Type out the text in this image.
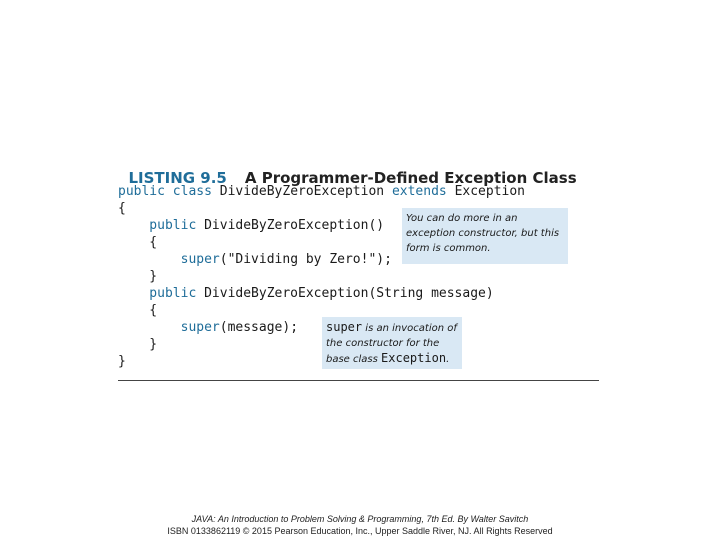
LISTING 9.5 A Programmer-Defined Exception Class

public class DivideByZeroException extends Exception
{
public DivideByZeroException()
{
super("Dividing by Zero!");
}
public DivideByZeroException(String message)
{
super(message);
}
}
You can do more in an exception constructor, but this form is common.
super is an invocation of the constructor for the base class Exception.
JAVA: An Introduction to Problem Solving & Programming, 7th Ed. By Walter Savitch
ISBN 0133862119 © 2015 Pearson Education, Inc., Upper Saddle River, NJ. All Rights Reserved
